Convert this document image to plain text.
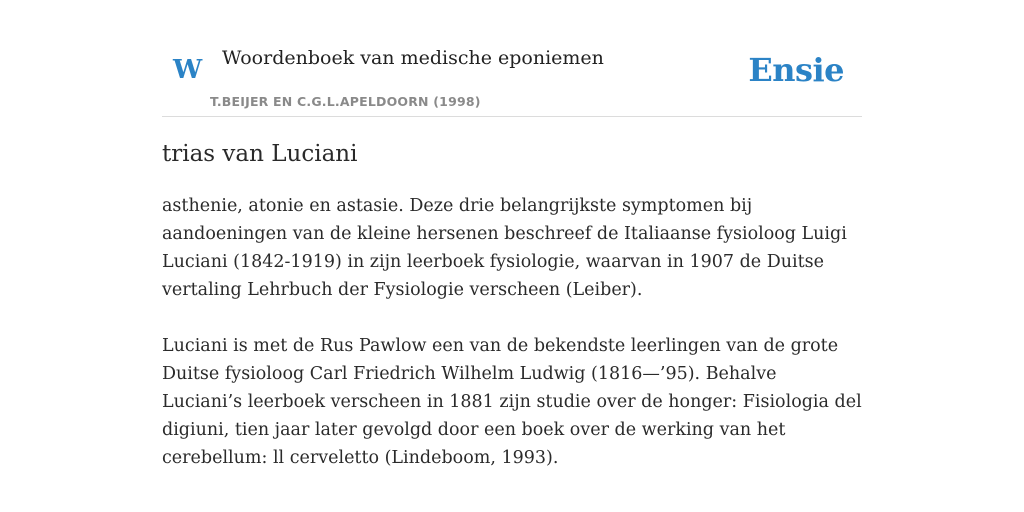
W Woordenboek van medische eponiemen
T.BEIJER EN C.G.L.APELDOORN (1998)
Ensie
trias van Luciani

asthenie, atonie en astasie. Deze drie belangrijkste symptomen bij aandoeningen van de kleine hersenen beschreef de Italiaanse fysioloog Luigi Luciani (1842-1919) in zijn leerboek fysiologie, waarvan in 1907 de Duitse vertaling Lehrbuch der Fysiologie verscheen (Leiber).

Luciani is met de Rus Pawlow een van de bekendste leerlingen van de grote Duitse fysioloog Carl Friedrich Wilhelm Ludwig (1816—’95). Behalve Luciani’s leerboek verscheen in 1881 zijn studie over de honger: Fisiologia del digiuni, tien jaar later gevolgd door een boek over de werking van het cerebellum: ll cerveletto (Lindeboom, 1993).
